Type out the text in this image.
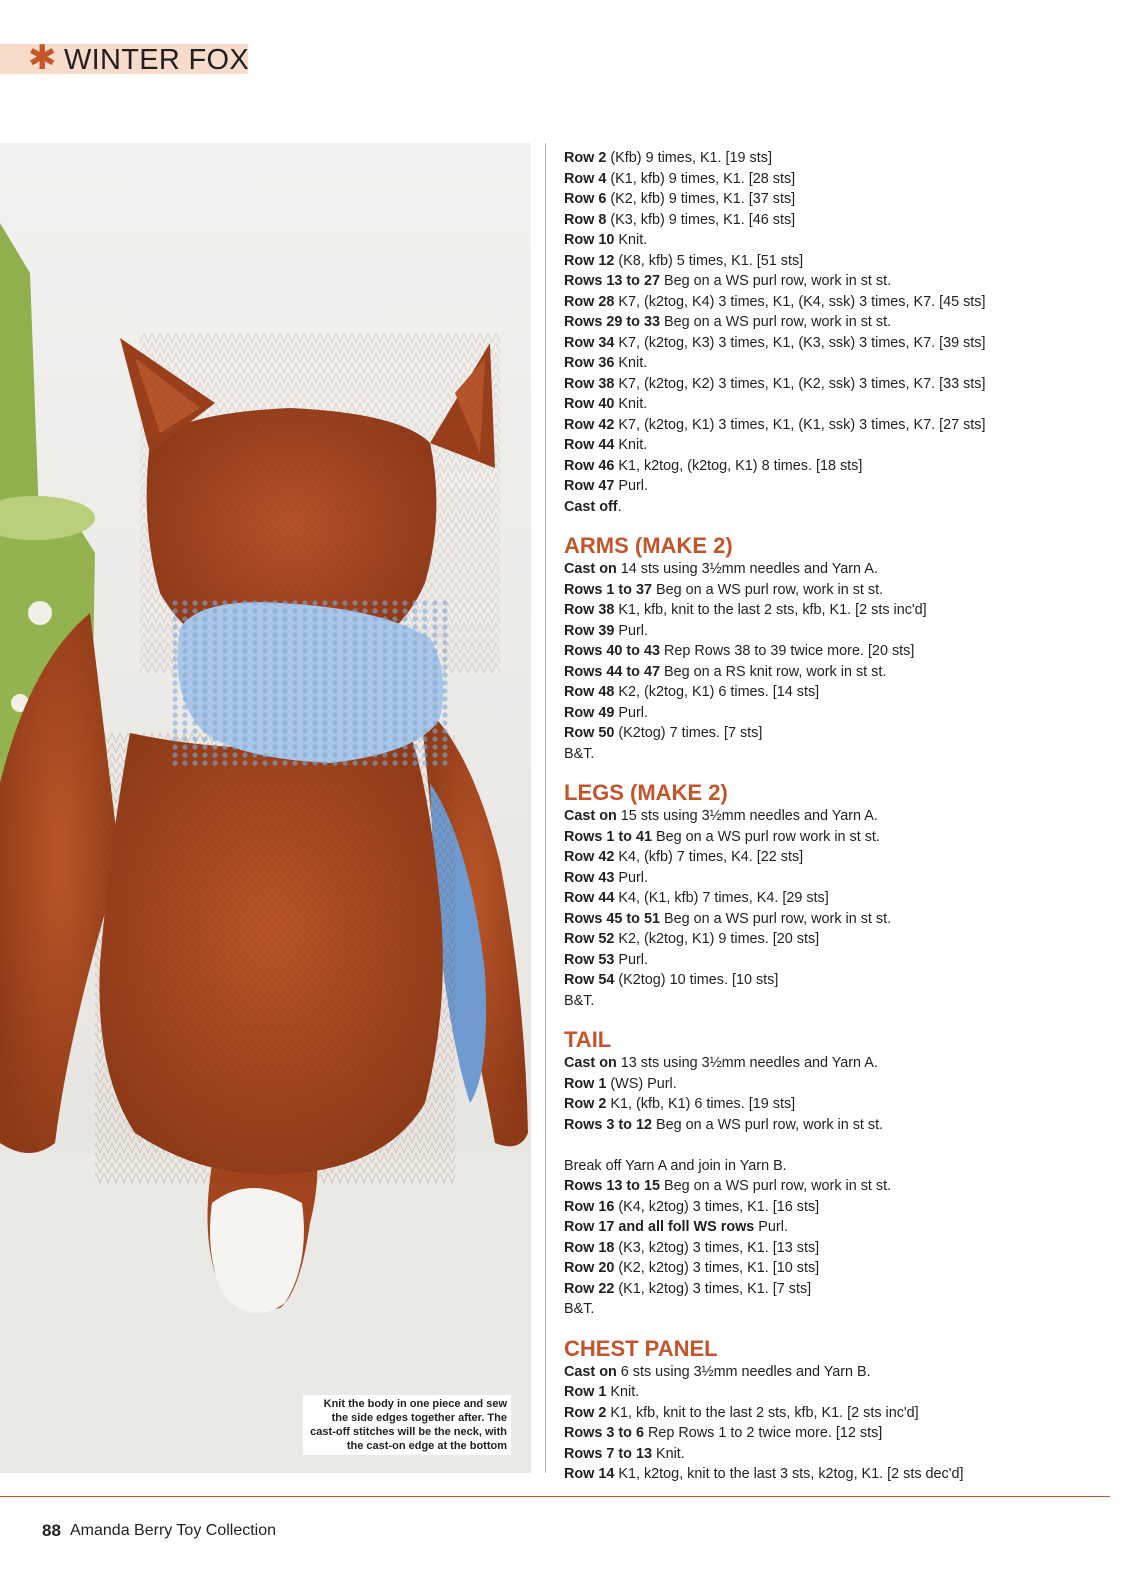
✱ WINTER FOX
Knit the body in one piece and sew the side edges together after. The cast-off stitches will be the neck, with the cast-on edge at the bottom
Row 2 (Kfb) 9 times, K1. [19 sts]
Row 4 (K1, kfb) 9 times, K1. [28 sts]
Row 6 (K2, kfb) 9 times, K1. [37 sts]
Row 8 (K3, kfb) 9 times, K1. [46 sts]
Row 10 Knit.
Row 12 (K8, kfb) 5 times, K1. [51 sts]
Rows 13 to 27 Beg on a WS purl row, work in st st.
Row 28 K7, (k2tog, K4) 3 times, K1, (K4, ssk) 3 times, K7. [45 sts]
Rows 29 to 33 Beg on a WS purl row, work in st st.
Row 34 K7, (k2tog, K3) 3 times, K1, (K3, ssk) 3 times, K7. [39 sts]
Row 36 Knit.
Row 38 K7, (k2tog, K2) 3 times, K1, (K2, ssk) 3 times, K7. [33 sts]
Row 40 Knit.
Row 42 K7, (k2tog, K1) 3 times, K1, (K1, ssk) 3 times, K7. [27 sts]
Row 44 Knit.
Row 46 K1, k2tog, (k2tog, K1) 8 times. [18 sts]
Row 47 Purl.
Cast off.
ARMS (MAKE 2)
Cast on 14 sts using 3½mm needles and Yarn A.
Rows 1 to 37 Beg on a WS purl row, work in st st.
Row 38 K1, kfb, knit to the last 2 sts, kfb, K1. [2 sts inc'd]
Row 39 Purl.
Rows 40 to 43 Rep Rows 38 to 39 twice more. [20 sts]
Rows 44 to 47 Beg on a RS knit row, work in st st.
Row 48 K2, (k2tog, K1) 6 times. [14 sts]
Row 49 Purl.
Row 50 (K2tog) 7 times. [7 sts]
B&T.
LEGS (MAKE 2)
Cast on 15 sts using 3½mm needles and Yarn A.
Rows 1 to 41 Beg on a WS purl row work in st st.
Row 42 K4, (kfb) 7 times, K4. [22 sts]
Row 43 Purl.
Row 44 K4, (K1, kfb) 7 times, K4. [29 sts]
Rows 45 to 51 Beg on a WS purl row, work in st st.
Row 52 K2, (k2tog, K1) 9 times. [20 sts]
Row 53 Purl.
Row 54 (K2tog) 10 times. [10 sts]
B&T.
TAIL
Cast on 13 sts using 3½mm needles and Yarn A.
Row 1 (WS) Purl.
Row 2 K1, (kfb, K1) 6 times. [19 sts]
Rows 3 to 12 Beg on a WS purl row, work in st st.
Break off Yarn A and join in Yarn B.
Rows 13 to 15 Beg on a WS purl row, work in st st.
Row 16 (K4, k2tog) 3 times, K1. [16 sts]
Row 17 and all foll WS rows Purl.
Row 18 (K3, k2tog) 3 times, K1. [13 sts]
Row 20 (K2, k2tog) 3 times, K1. [10 sts]
Row 22 (K1, k2tog) 3 times, K1. [7 sts]
B&T.
CHEST PANEL
Cast on 6 sts using 3½mm needles and Yarn B.
Row 1 Knit.
Row 2 K1, kfb, knit to the last 2 sts, kfb, K1. [2 sts inc'd]
Rows 3 to 6 Rep Rows 1 to 2 twice more. [12 sts]
Rows 7 to 13 Knit.
Row 14 K1, k2tog, knit to the last 3 sts, k2tog, K1. [2 sts dec'd]
88 Amanda Berry Toy Collection
